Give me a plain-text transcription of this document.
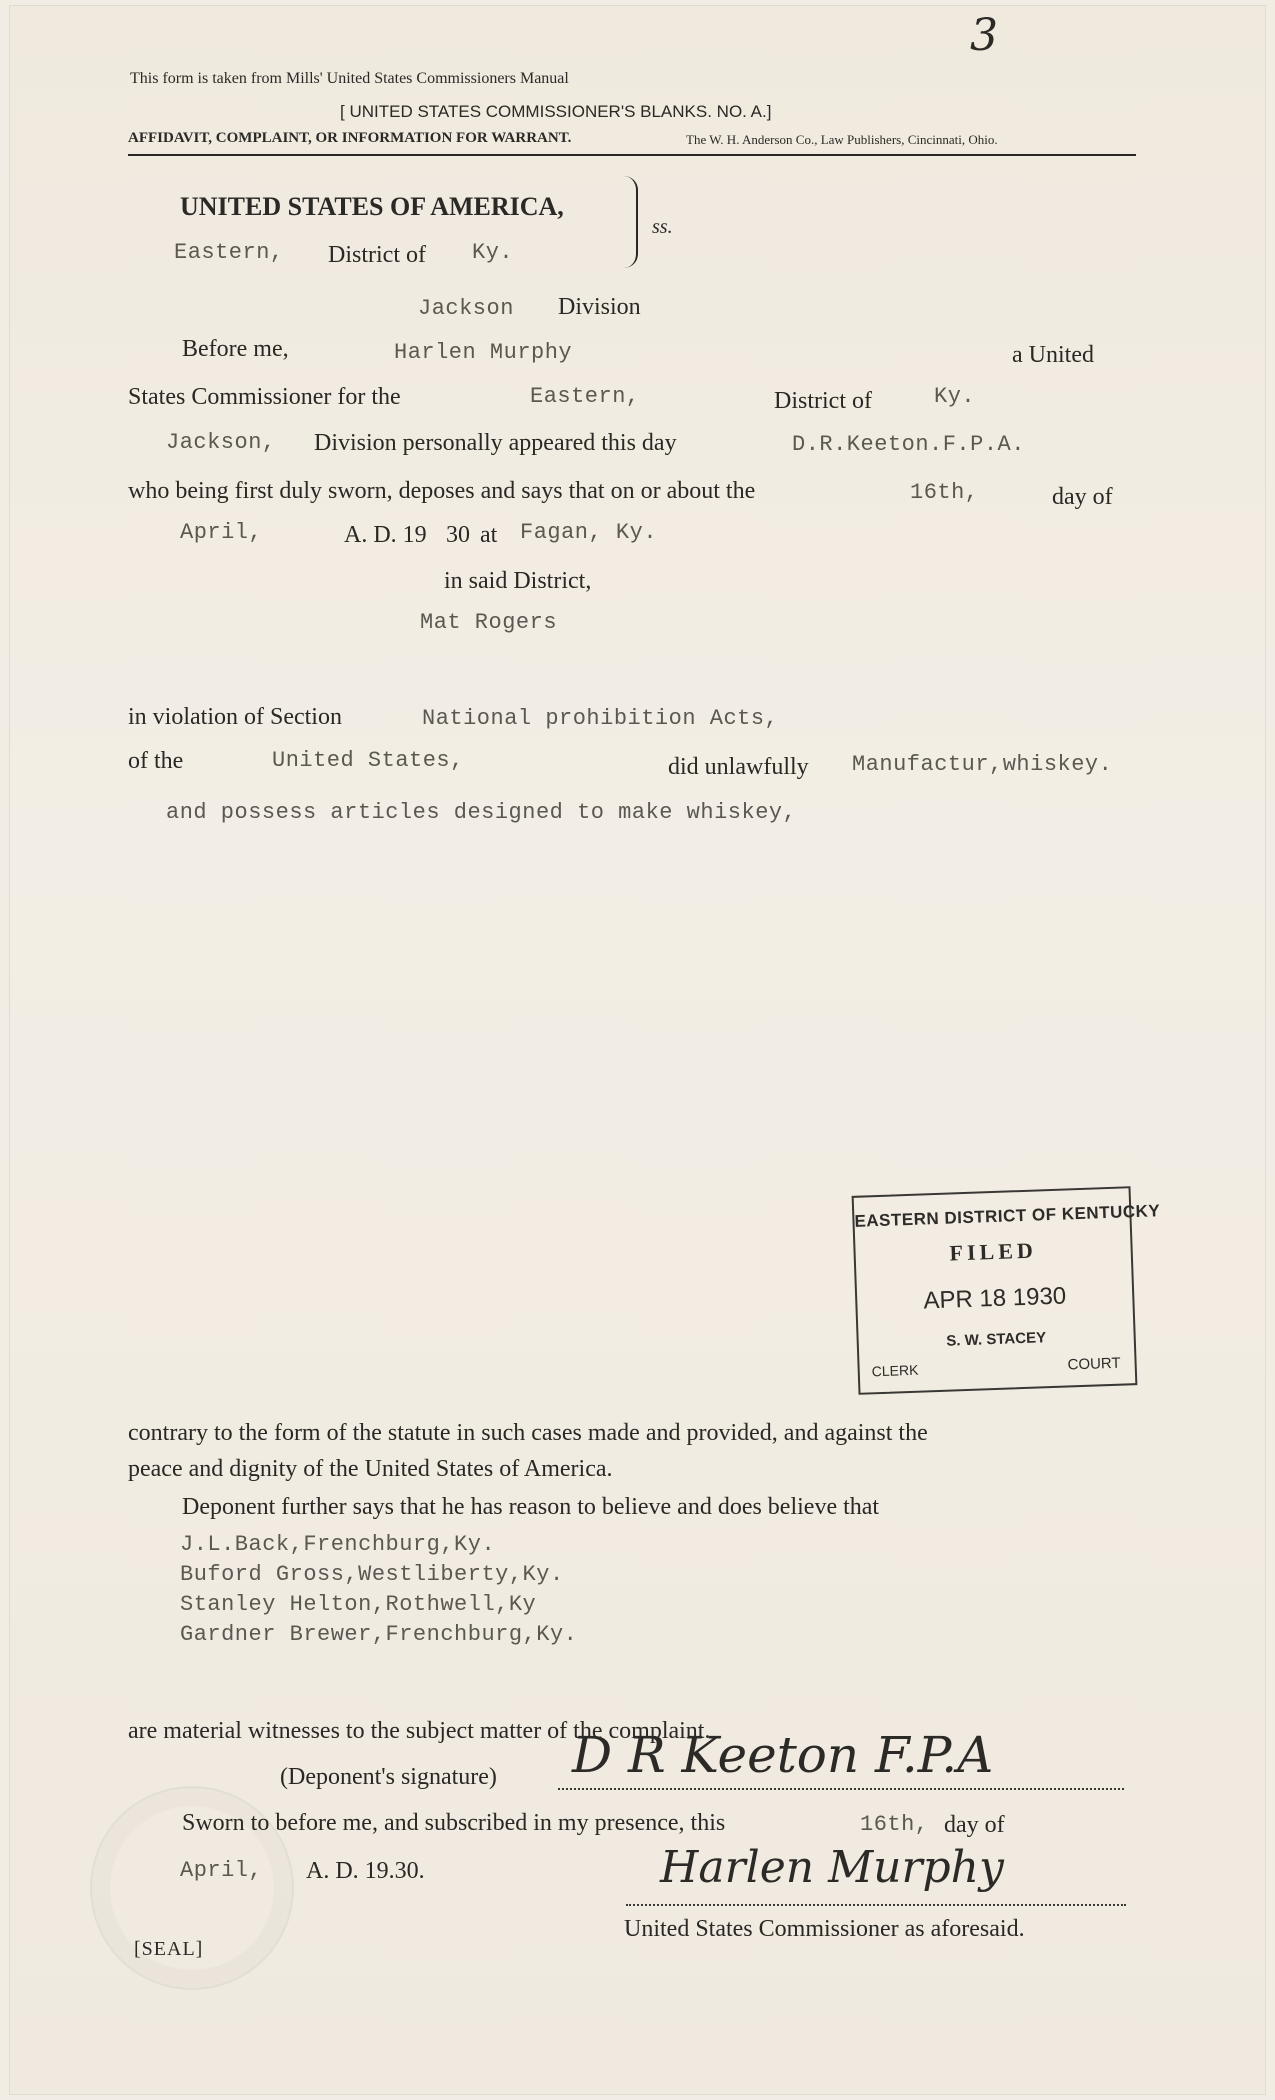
3
This form is taken from Mills' United States Commissioners Manual
[ UNITED STATES COMMISSIONER'S BLANKS. NO. A.]
AFFIDAVIT, COMPLAINT, OR INFORMATION FOR WARRANT.	The W. H. Anderson Co., Law Publishers, Cincinnati, Ohio.
UNITED STATES OF AMERICA,
Eastern, District of Ky.
ss.
Jackson Division
Before me,	Harlen Murphy	a United
States Commissioner for the	Eastern,	District of	Ky.
Jackson, Division personally appeared this day	D.R.Keeton.F.P.A.
who being first duly sworn, deposes and says that on or about the	16th,	day of
April,	A. D. 19 30 at Fagan, Ky.
in said District,
Mat Rogers
in violation of Section	National prohibition Acts,
of the	United States,	did unlawfully Manufactur,whiskey.
and possess articles designed to make whiskey,
EASTERN DISTRICT OF KENTUCKY
FILED
APR 18 1930
S. W. STACEY
CLERK	COURT
contrary to the form of the statute in such cases made and provided, and against the
peace and dignity of the United States of America.
Deponent further says that he has reason to believe and does believe that
J.L.Back,Frenchburg,Ky.
Buford Gross,Westliberty,Ky.
Stanley Helton,Rothwell,Ky
Gardner Brewer,Frenchburg,Ky.
are material witnesses to the subject matter of the complaint.
(Deponent's signature) D R Keeton F.P.A
Sworn to before me, and subscribed in my presence, this	16th, day of
April, A. D. 19.30.	Harlen Murphy
United States Commissioner as aforesaid.
[SEAL]
